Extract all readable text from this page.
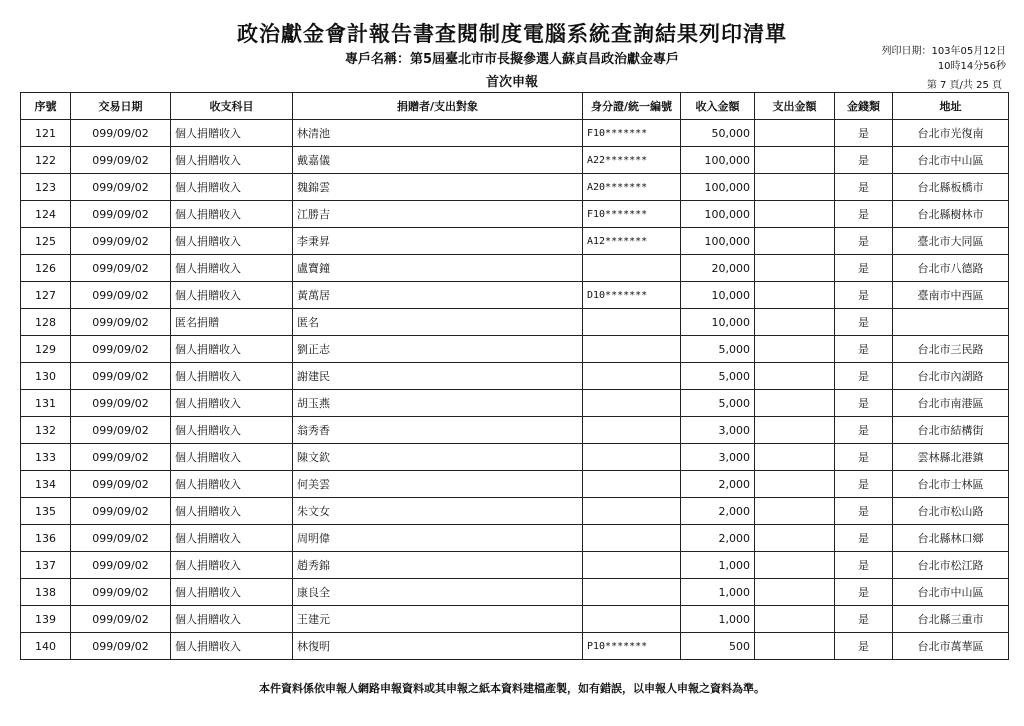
政治獻金會計報告書查閱制度電腦系統查詢結果列印清單
專戶名稱：第5屆臺北市市長擬參選人蘇貞昌政治獻金專戶
首次申報
列印日期：103年05月12日
10時14分56秒
第 7 頁/共 25 頁
序號	交易日期	收支科目	捐贈者/支出對象	身分證/統一編號	收入金額	支出金額	金錢類	地址
121	099/09/02	個人捐贈收入	林清池	F10*******	50,000		是	台北市光復南
122	099/09/02	個人捐贈收入	戴嘉儀	A22*******	100,000		是	台北市中山區
123	099/09/02	個人捐贈收入	魏錦雲	A20*******	100,000		是	台北縣板橋市
124	099/09/02	個人捐贈收入	江勝吉	F10*******	100,000		是	台北縣樹林市
125	099/09/02	個人捐贈收入	李秉昇	A12*******	100,000		是	臺北市大同區
126	099/09/02	個人捐贈收入	盧寶鐘		20,000		是	台北市八德路
127	099/09/02	個人捐贈收入	黃萬居	D10*******	10,000		是	臺南市中西區
128	099/09/02	匿名捐贈	匿名		10,000		是	
129	099/09/02	個人捐贈收入	劉正志		5,000		是	台北市三民路
130	099/09/02	個人捐贈收入	謝建民		5,000		是	台北市內湖路
131	099/09/02	個人捐贈收入	胡玉燕		5,000		是	台北市南港區
132	099/09/02	個人捐贈收入	翁秀香		3,000		是	台北市結構街
133	099/09/02	個人捐贈收入	陳文欽		3,000		是	雲林縣北港鎮
134	099/09/02	個人捐贈收入	何美雲		2,000		是	台北市士林區
135	099/09/02	個人捐贈收入	朱文女		2,000		是	台北市松山路
136	099/09/02	個人捐贈收入	周明偉		2,000		是	台北縣林口鄉
137	099/09/02	個人捐贈收入	趙秀錦		1,000		是	台北市松江路
138	099/09/02	個人捐贈收入	康良全		1,000		是	台北市中山區
139	099/09/02	個人捐贈收入	王建元		1,000		是	台北縣三重市
140	099/09/02	個人捐贈收入	林復明	P10*******	500		是	台北市萬華區
本件資料係依申報人網路申報資料或其申報之紙本資料建檔產製，如有錯誤，以申報人申報之資料為準。
